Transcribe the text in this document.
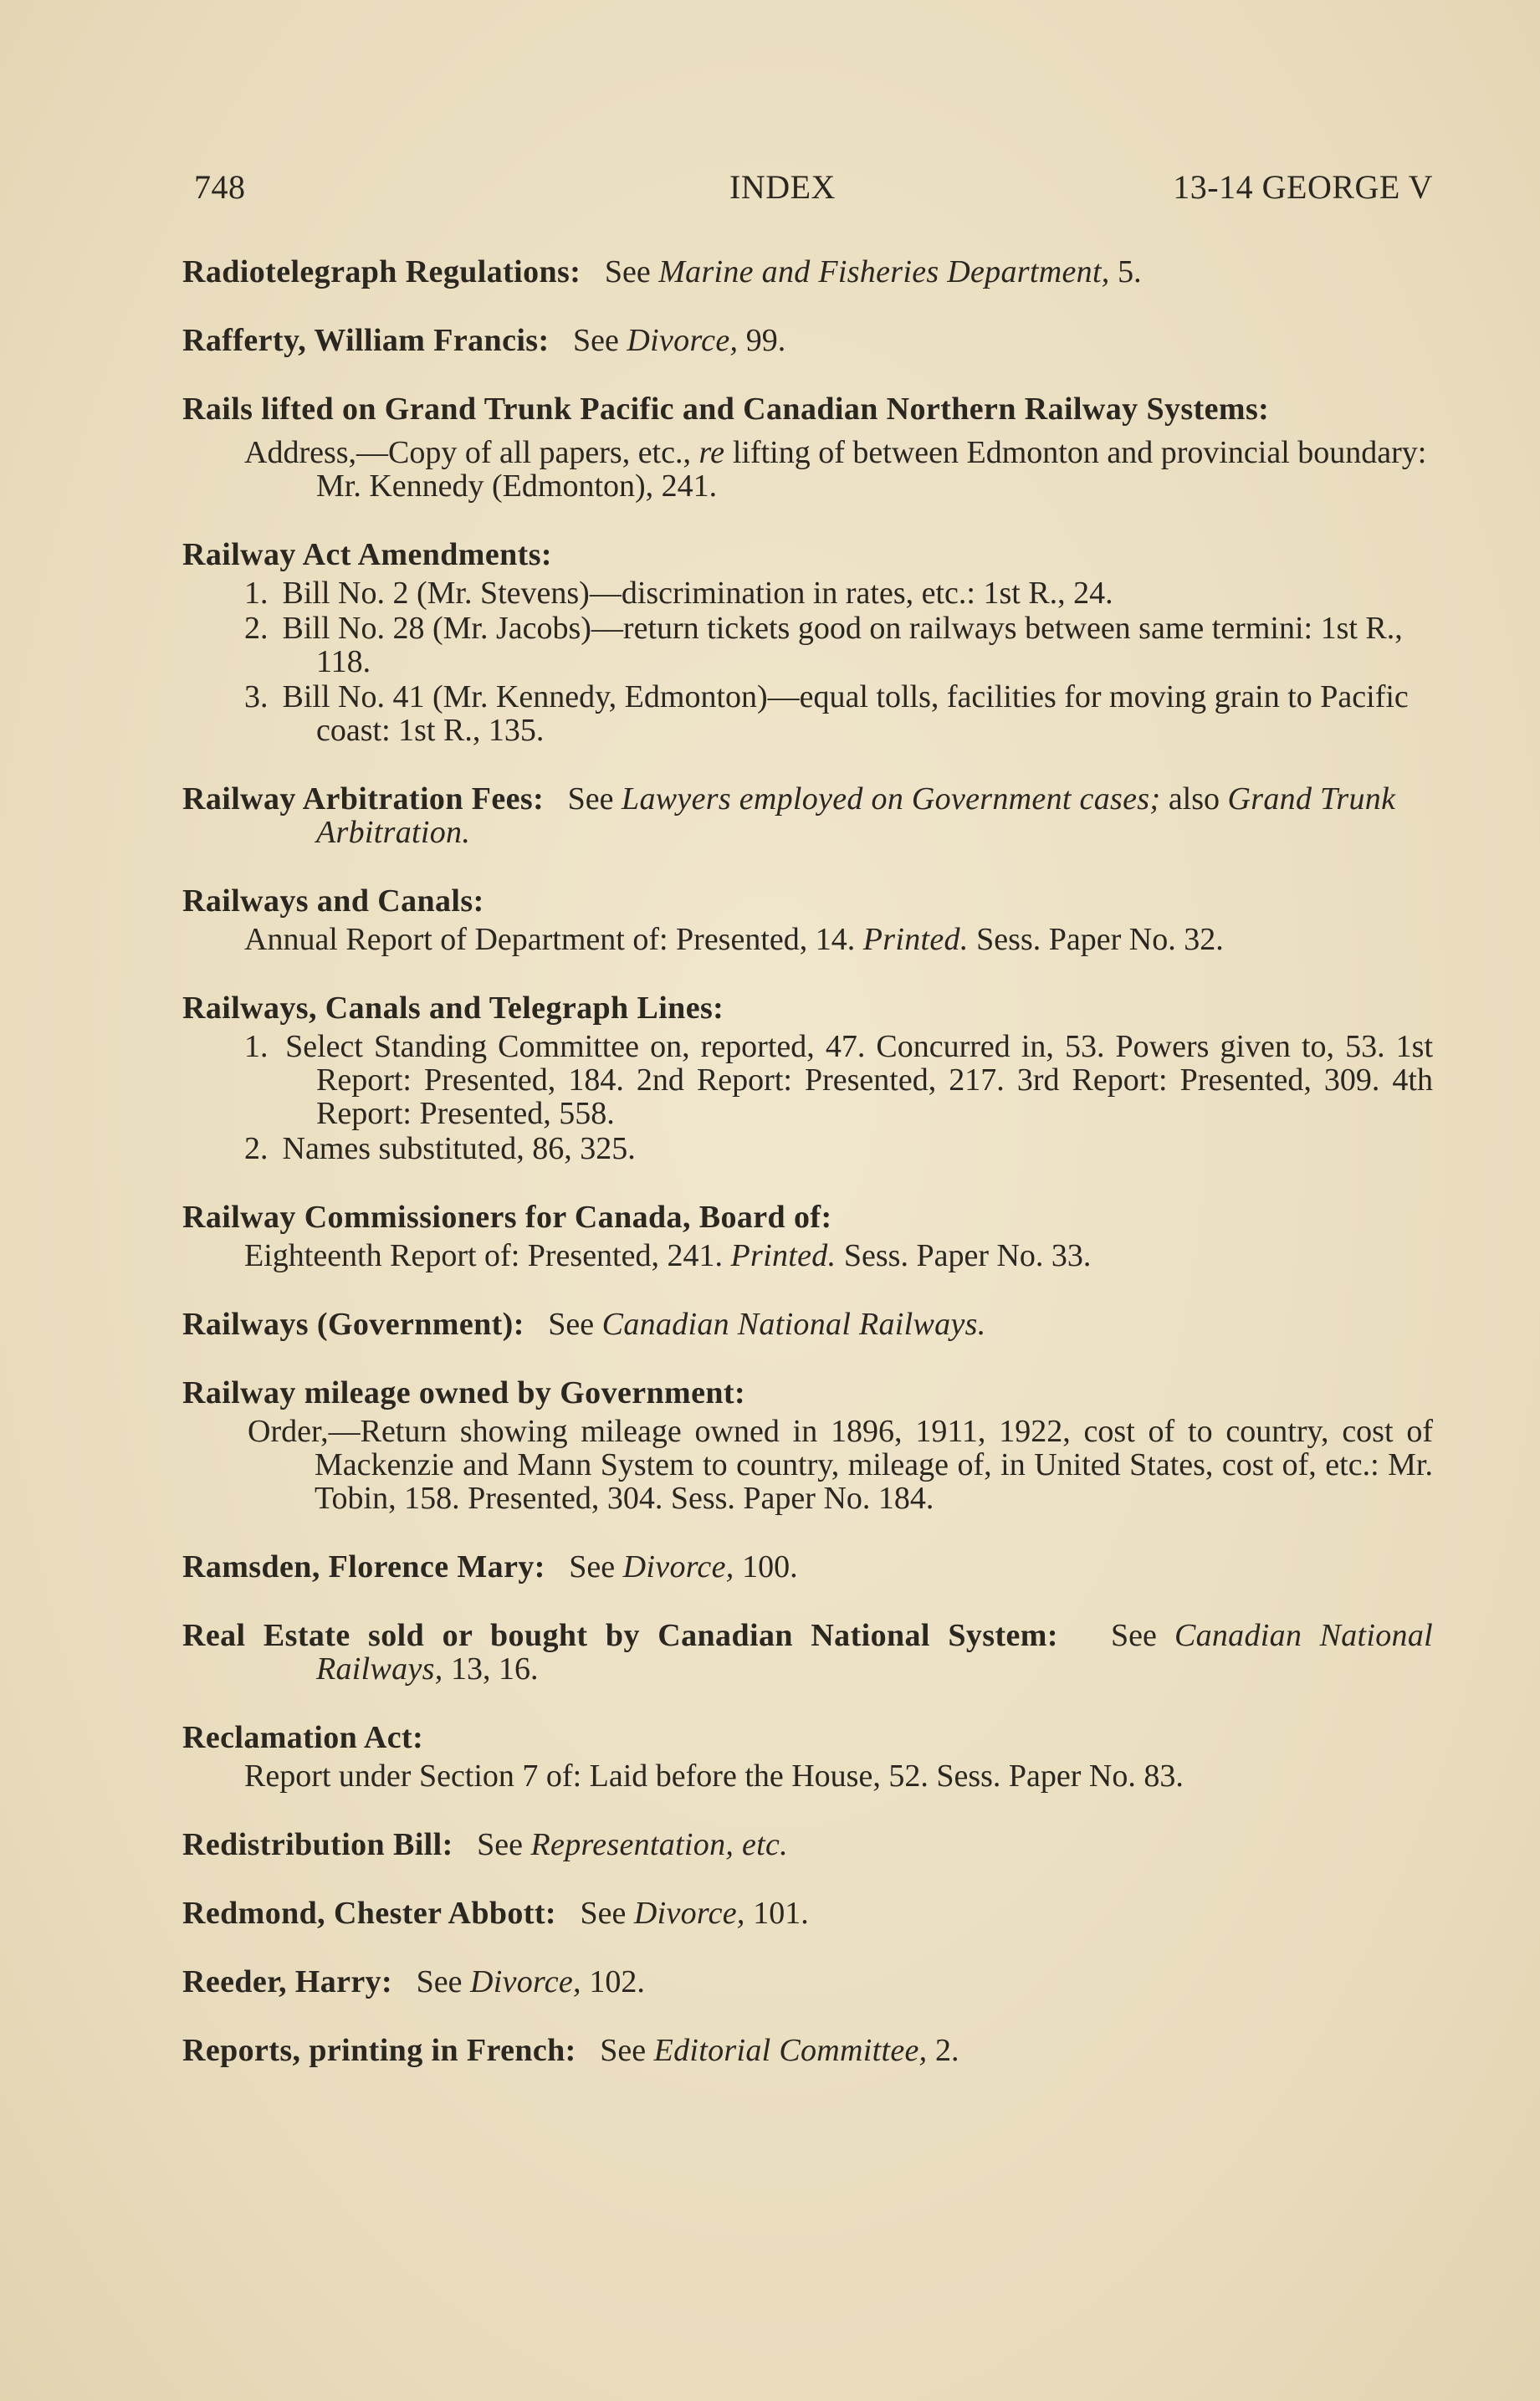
748	INDEX	13-14 GEORGE V
Radiotelegraph Regulations: See Marine and Fisheries Department, 5.
Rafferty, William Francis: See Divorce, 99.
Rails lifted on Grand Trunk Pacific and Canadian Northern Railway Systems:
Address,—Copy of all papers, etc., re lifting of between Edmonton and provincial boundary: Mr. Kennedy (Edmonton), 241.
Railway Act Amendments:
1. Bill No. 2 (Mr. Stevens)—discrimination in rates, etc.: 1st R., 24.
2. Bill No. 28 (Mr. Jacobs)—return tickets good on railways between same termini: 1st R., 118.
3. Bill No. 41 (Mr. Kennedy, Edmonton)—equal tolls, facilities for moving grain to Pacific coast: 1st R., 135.
Railway Arbitration Fees: See Lawyers employed on Government cases; also Grand Trunk Arbitration.
Railways and Canals:
Annual Report of Department of: Presented, 14. Printed. Sess. Paper No. 32.
Railways, Canals and Telegraph Lines:
1. Select Standing Committee on, reported, 47. Concurred in, 53. Powers given to, 53. 1st Report: Presented, 184. 2nd Report: Presented, 217. 3rd Report: Presented, 309. 4th Report: Presented, 558.
2. Names substituted, 86, 325.
Railway Commissioners for Canada, Board of:
Eighteenth Report of: Presented, 241. Printed. Sess. Paper No. 33.
Railways (Government): See Canadian National Railways.
Railway mileage owned by Government:
Order,—Return showing mileage owned in 1896, 1911, 1922, cost of to country, cost of Mackenzie and Mann System to country, mileage of, in United States, cost of, etc.: Mr. Tobin, 158. Presented, 304. Sess. Paper No. 184.
Ramsden, Florence Mary: See Divorce, 100.
Real Estate sold or bought by Canadian National System: See Canadian National Railways, 13, 16.
Reclamation Act:
Report under Section 7 of: Laid before the House, 52. Sess. Paper No. 83.
Redistribution Bill: See Representation, etc.
Redmond, Chester Abbott: See Divorce, 101.
Reeder, Harry: See Divorce, 102.
Reports, printing in French: See Editorial Committee, 2.
